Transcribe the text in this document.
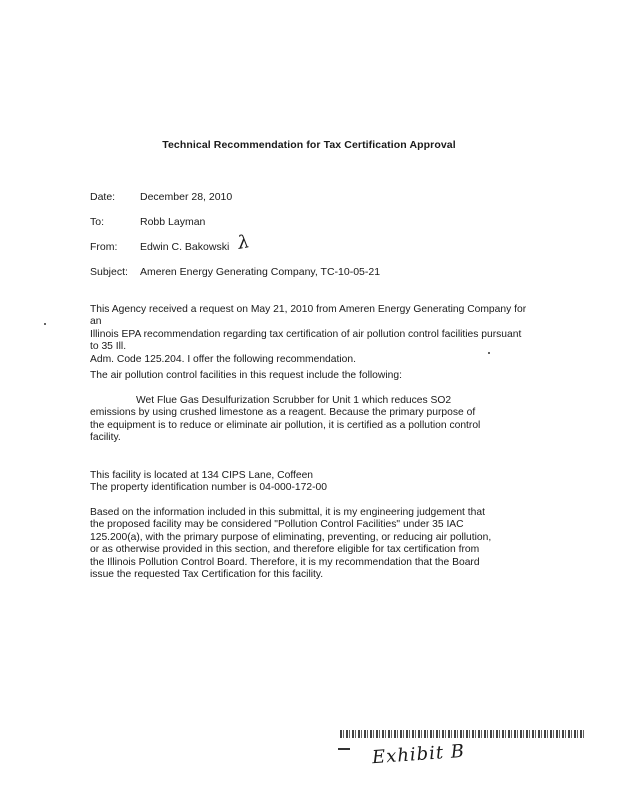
Technical Recommendation for Tax Certification Approval
Date:	December 28, 2010
To:	Robb Layman
From:	Edwin C. Bakowski λ
Subject:	Ameren Energy Generating Company, TC-10-05-21
This Agency received a request on May 21, 2010 from Ameren Energy Generating Company for an
Illinois EPA recommendation regarding tax certification of air pollution control facilities pursuant to 35 Ill.
Adm. Code 125.204. I offer the following recommendation.
The air pollution control facilities in this request include the following:
Wet Flue Gas Desulfurization Scrubber for Unit 1 which reduces SO2
emissions by using crushed limestone as a reagent. Because the primary purpose of
the equipment is to reduce or eliminate air pollution, it is certified as a pollution control
facility.
This facility is located at 134 CIPS Lane, Coffeen
The property identification number is 04-000-172-00
Based on the information included in this submittal, it is my engineering judgement that
the proposed facility may be considered "Pollution Control Facilities" under 35 IAC
125.200(a), with the primary purpose of eliminating, preventing, or reducing air pollution,
or as otherwise provided in this section, and therefore eligible for tax certification from
the Illinois Pollution Control Board. Therefore, it is my recommendation that the Board
issue the requested Tax Certification for this facility.
Exhibit B
